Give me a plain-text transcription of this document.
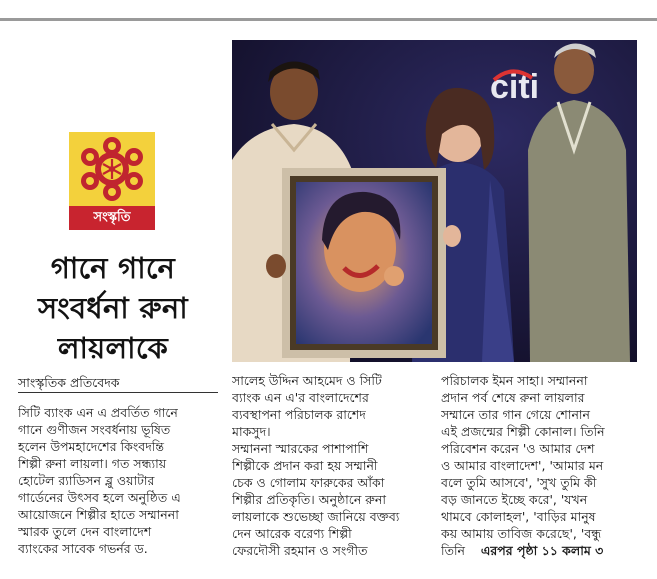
সংস্কৃতি
গানে গানে
সংবর্ধনা রুনা
লায়লাকে
সাংস্কৃতিক প্রতিবেদক
citi
সিটি ব্যাংক এন এ প্রবর্তিত গানে
গানে গুণীজন সংবর্ধনায় ভূষিত
হলেন উপমহাদেশের কিংবদন্তি
শিল্পী রুনা লায়লা। গত সন্ধ্যায়
হোটেল র‍্যাডিসন ব্লু ওয়াটার
গার্ডেনের উৎসব হলে অনুষ্ঠিত এ
আয়োজনে শিল্পীর হাতে সম্মাননা
স্মারক তুলে দেন বাংলাদেশ
ব্যাংকের সাবেক গভর্নর ড.
সালেহ উদ্দিন আহমেদ ও সিটি
ব্যাংক এন এ'র বাংলাদেশের
ব্যবস্থাপনা পরিচালক রাশেদ
মাকসুদ।
সম্মাননা স্মারকের পাশাপাশি
শিল্পীকে প্রদান করা হয় সম্মানী
চেক ও গোলাম ফারুকের আঁকা
শিল্পীর প্রতিকৃতি। অনুষ্ঠানে রুনা
লায়লাকে শুভেচ্ছা জানিয়ে বক্তব্য
দেন আরেক বরেণ্য শিল্পী
ফেরদৌসী রহমান ও সংগীত
পরিচালক ইমন সাহা। সম্মাননা
প্রদান পর্ব শেষে রুনা লায়লার
সম্মানে তার গান গেয়ে শোনান
এই প্রজন্মের শিল্পী কোনাল। তিনি
পরিবেশন করেন 'ও আমার দেশ
ও আমার বাংলাদেশ', 'আমার মন
বলে তুমি আসবে', 'সুখ তুমি কী
বড় জানতে ইচ্ছে করে', 'যখন
থামবে কোলাহল', 'বাড়ির মানুষ
কয় আমায় তাবিজ করেছে', 'বন্ধু
তিনি এরপর পৃষ্ঠা ১১ কলাম ৩
